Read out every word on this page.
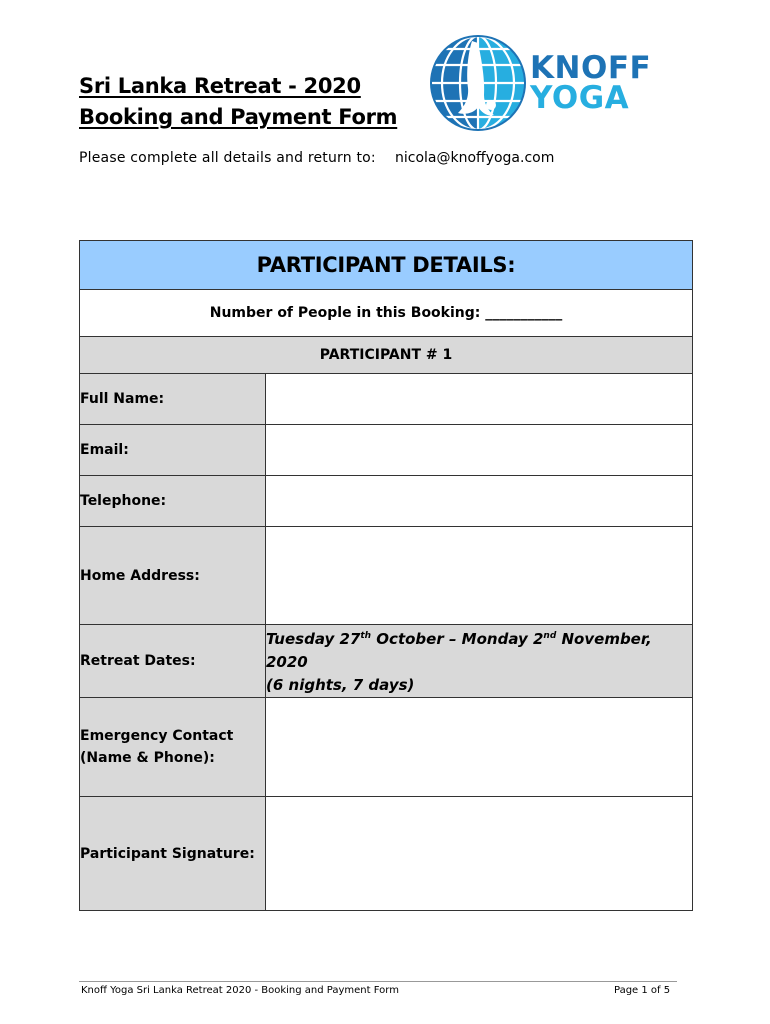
Sri Lanka Retreat - 2020
Booking and Payment Form
Please complete all details and return to: nicola@knoffyoga.com
KNOFF
YOGA
PARTICIPANT DETAILS:	
Number of People in this Booking: ___________	
PARTICIPANT # 1	
Full Name:	
Email:	
Telephone:	
Home Address:	
Retreat Dates:	Tuesday 27th October – Monday 2nd November, 2020
(6 nights, 7 days)

Emergency Contact
(Name & Phone):	

Participant Signature:	
Knoff Yoga Sri Lanka Retreat 2020 - Booking and Payment Form	Page 1 of 5
